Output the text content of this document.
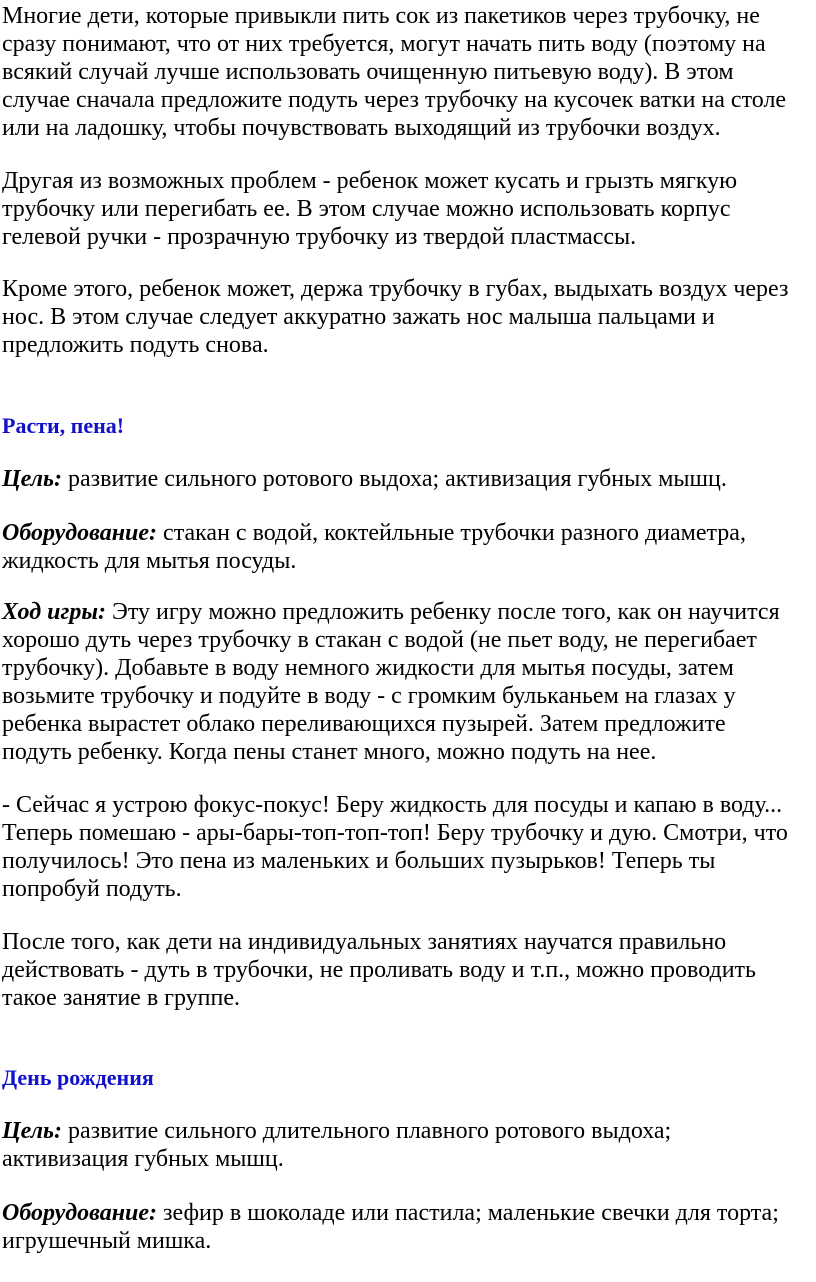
Многие дети, которые привыкли пить сок из пакетиков через трубочку, не
сразу понимают, что от них требуется, могут начать пить воду (поэтому на
всякий случай лучше использовать очищенную питьевую воду). В этом
случае сначала предложите подуть через трубочку на кусочек ватки на столе
или на ладошку, чтобы почувствовать выходящий из трубочки воздух.
Другая из возможных проблем - ребенок может кусать и грызть мягкую
трубочку или перегибать ее. В этом случае можно использовать корпус
гелевой ручки - прозрачную трубочку из твердой пластмассы.
Кроме этого, ребенок может, держа трубочку в губах, выдыхать воздух через
нос. В этом случае следует аккуратно зажать нос малыша пальцами и
предложить подуть снова.
Расти, пена!
Цель: развитие сильного ротового выдоха; активизация губных мышц.
Оборудование: стакан с водой, коктейльные трубочки разного диаметра,
жидкость для мытья посуды.
Ход игры: Эту игру можно предложить ребенку после того, как он научится
хорошо дуть через трубочку в стакан с водой (не пьет воду, не перегибает
трубочку). Добавьте в воду немного жидкости для мытья посуды, затем
возьмите трубочку и подуйте в воду - с громким бульканьем на глазах у
ребенка вырастет облако переливающихся пузырей. Затем предложите
подуть ребенку. Когда пены станет много, можно подуть на нее.
- Сейчас я устрою фокус-покус! Беру жидкость для посуды и капаю в воду...
Теперь помешаю - ары-бары-топ-топ-топ! Беру трубочку и дую. Смотри, что
получилось! Это пена из маленьких и больших пузырьков! Теперь ты
попробуй подуть.
После того, как дети на индивидуальных занятиях научатся правильно
действовать - дуть в трубочки, не проливать воду и т.п., можно проводить
такое занятие в группе.
День рождения
Цель: развитие сильного длительного плавного ротового выдоха;
активизация губных мышц.
Оборудование: зефир в шоколаде или пастила; маленькие свечки для торта;
игрушечный мишка.
